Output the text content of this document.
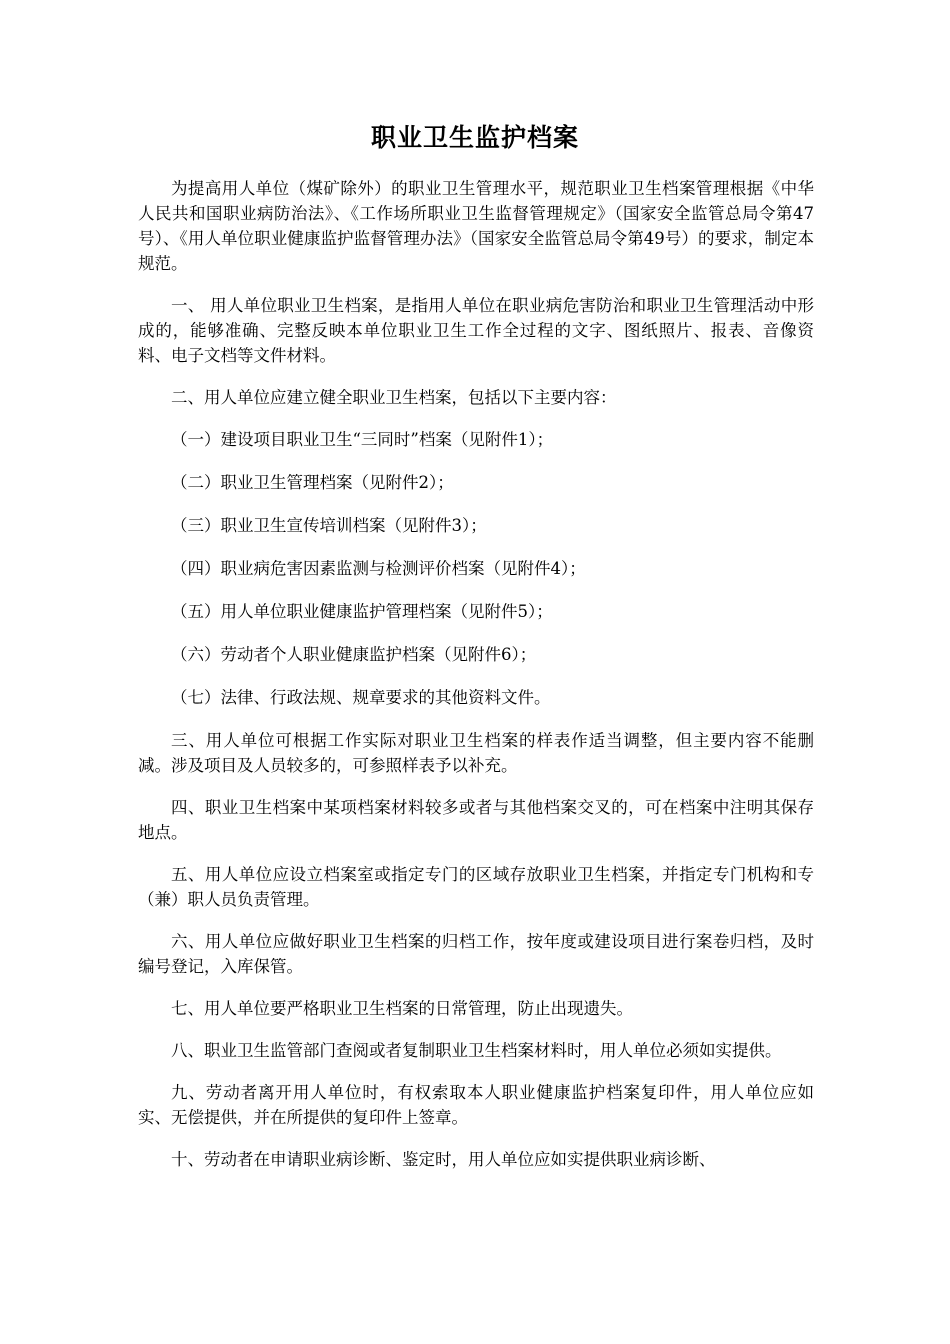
职业卫生监护档案

为提高用人单位（煤矿除外）的职业卫生管理水平，规范职业卫生档案管理根据《中华人民共和国职业病防治法》、《工作场所职业卫生监督管理规定》（国家安全监管总局令第47号）、《用人单位职业健康监护监督管理办法》（国家安全监管总局令第49号）的要求，制定本规范。

一、 用人单位职业卫生档案，是指用人单位在职业病危害防治和职业卫生管理活动中形成的，能够准确、完整反映本单位职业卫生工作全过程的文字、图纸照片、报表、音像资料、电子文档等文件材料。

二、用人单位应建立健全职业卫生档案，包括以下主要内容：

（一）建设项目职业卫生“三同时”档案（见附件1）；

（二）职业卫生管理档案（见附件2）；

（三）职业卫生宣传培训档案（见附件3）；

（四）职业病危害因素监测与检测评价档案（见附件4）；

（五）用人单位职业健康监护管理档案（见附件5）；

（六）劳动者个人职业健康监护档案（见附件6）；

（七）法律、行政法规、规章要求的其他资料文件。

三、用人单位可根据工作实际对职业卫生档案的样表作适当调整，但主要内容不能删减。涉及项目及人员较多的，可参照样表予以补充。

四、职业卫生档案中某项档案材料较多或者与其他档案交叉的，可在档案中注明其保存地点。

五、用人单位应设立档案室或指定专门的区域存放职业卫生档案，并指定专门机构和专（兼）职人员负责管理。

六、用人单位应做好职业卫生档案的归档工作，按年度或建设项目进行案卷归档，及时编号登记，入库保管。

七、用人单位要严格职业卫生档案的日常管理，防止出现遗失。

八、职业卫生监管部门查阅或者复制职业卫生档案材料时，用人单位必须如实提供。

九、劳动者离开用人单位时，有权索取本人职业健康监护档案复印件，用人单位应如实、无偿提供，并在所提供的复印件上签章。

十、劳动者在申请职业病诊断、鉴定时，用人单位应如实提供职业病诊断、
